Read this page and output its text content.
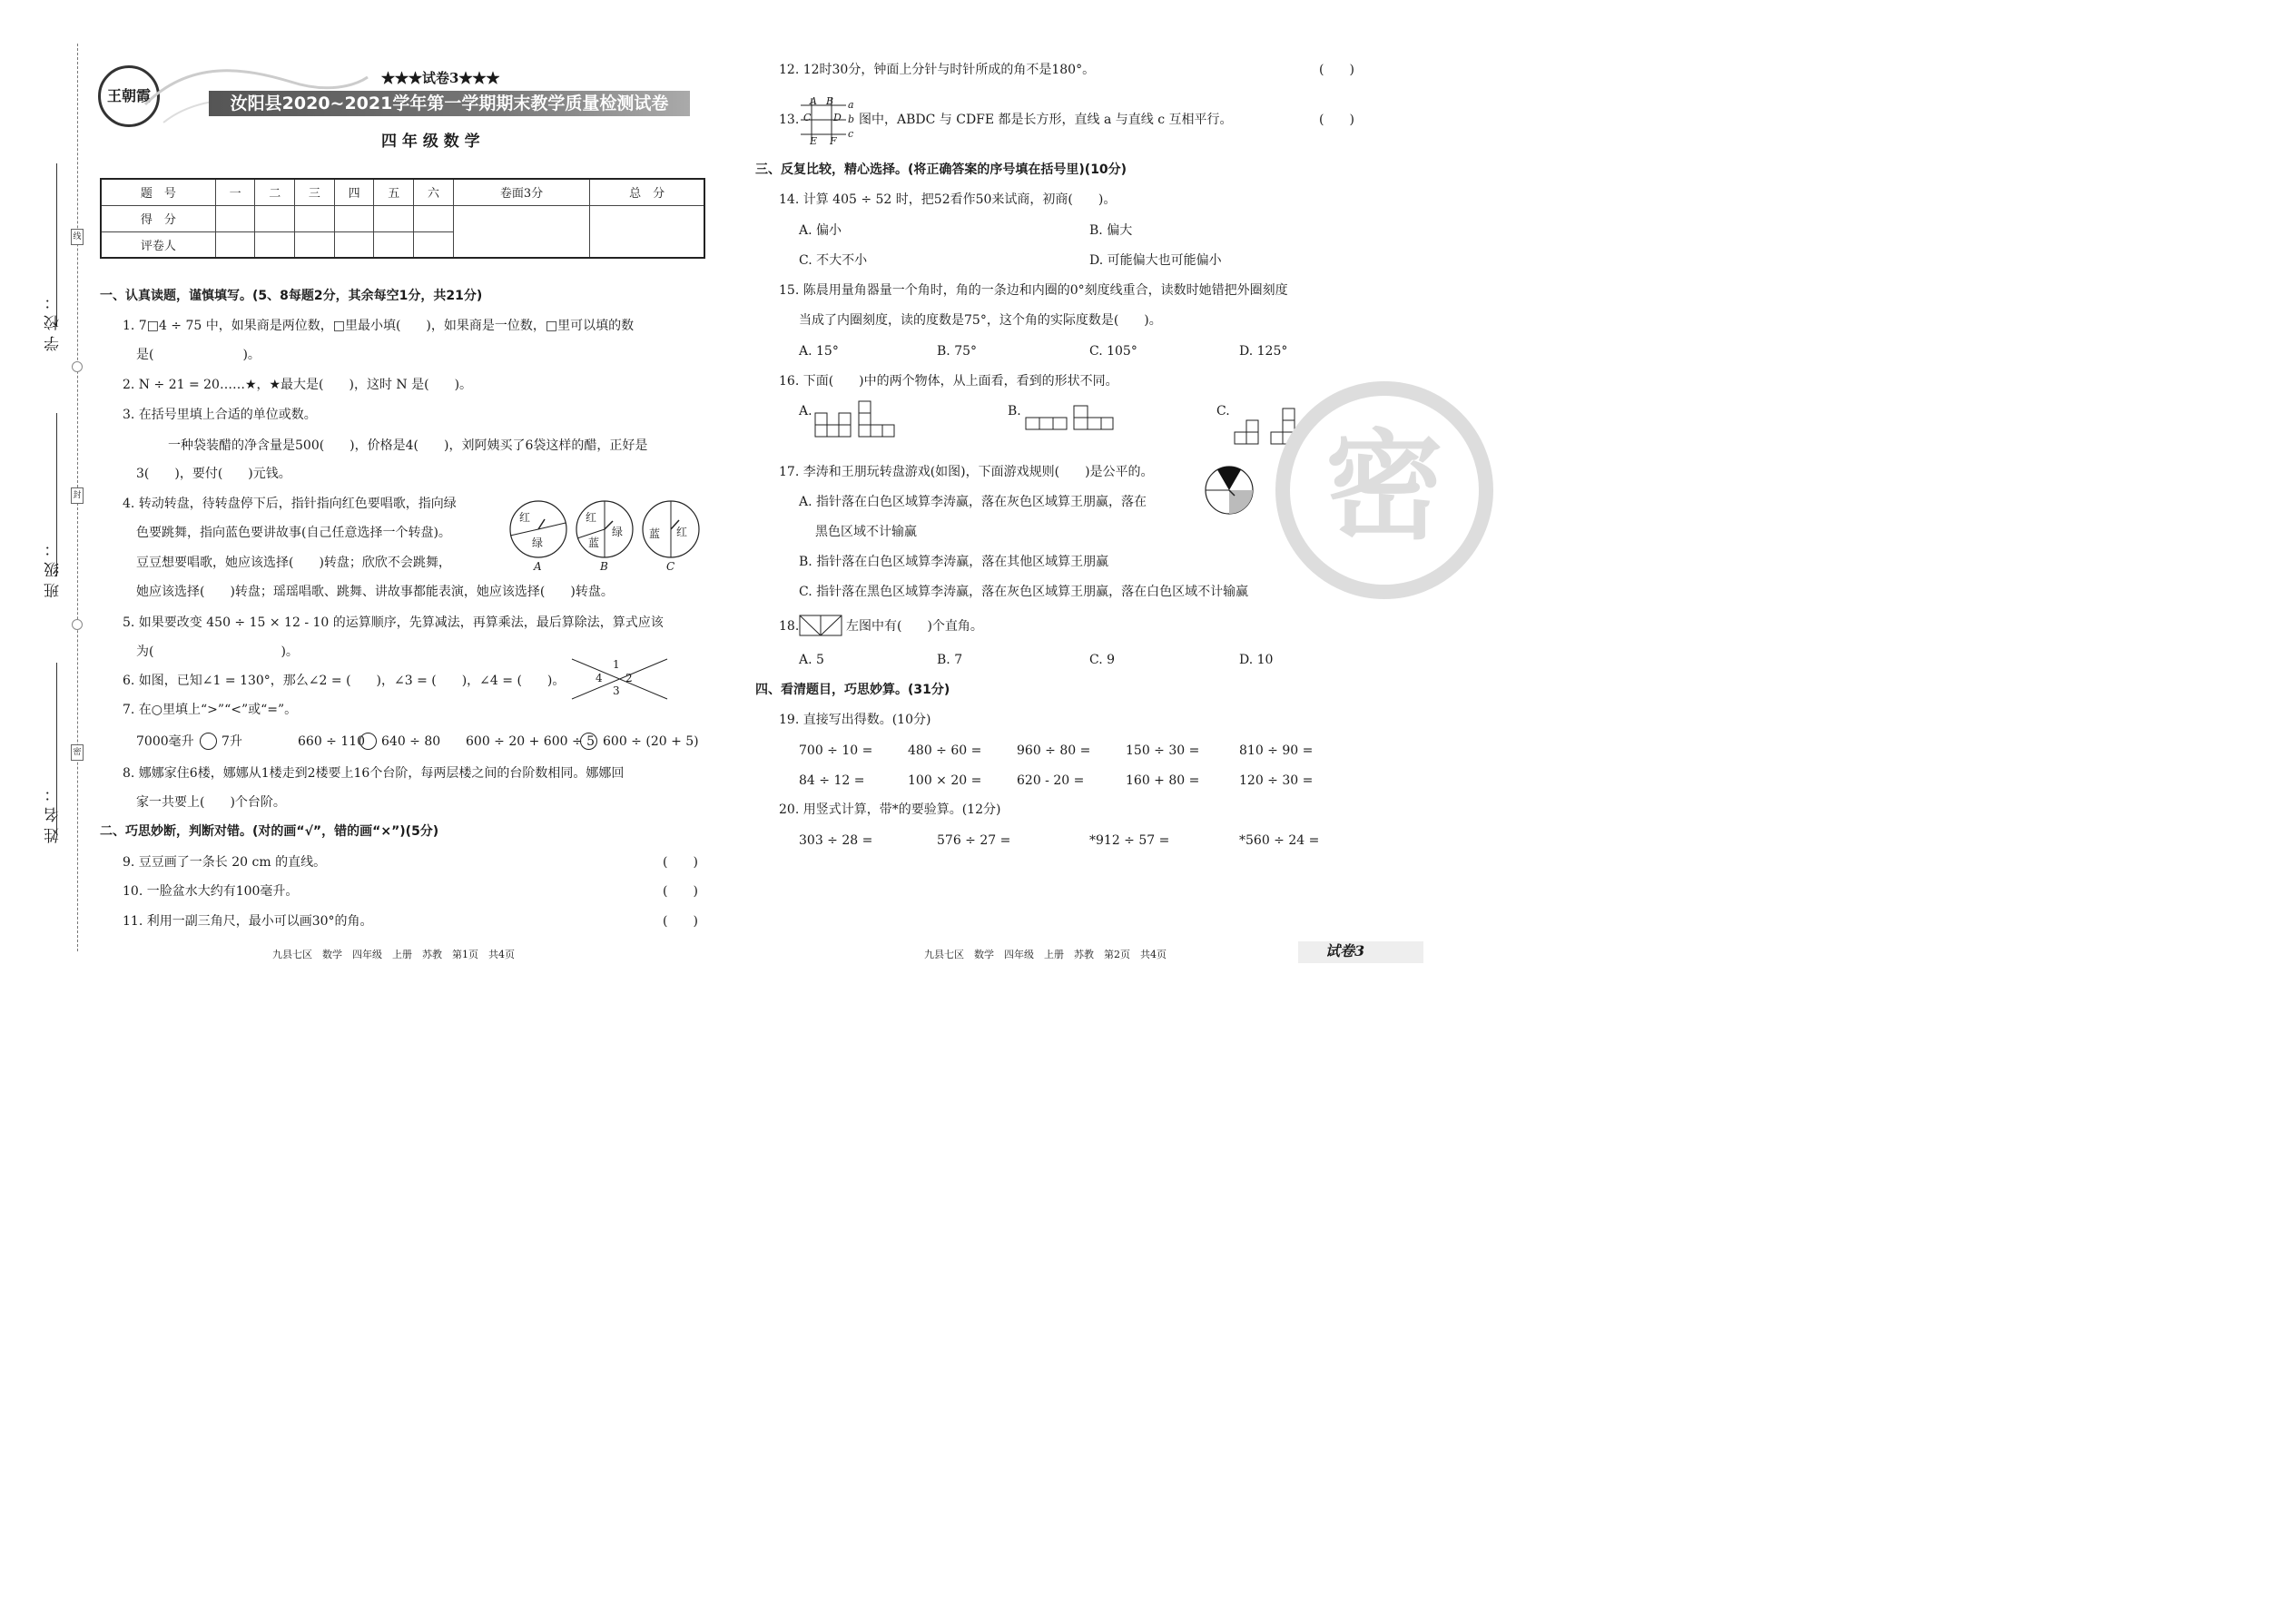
学校：
班级：
姓名：
线
封
密
王朝霞
★★★试卷3★★★
汝阳县2020~2021学年第一学期期末教学质量检测试卷
四 年 级 数 学
题　号	一	二	三	四	五	六	卷面3分	总　分
得　分								
评卷人								
一、认真读题，谨慎填写。(5、8每题2分，其余每空1分，共21分)
1. 7□4 ÷ 75 中，如果商是两位数，□里最小填(　　)，如果商是一位数，□里可以填的数
是(　　　　　　　)。
2. N ÷ 21 = 20……★，★最大是(　　)，这时 N 是(　　)。
3. 在括号里填上合适的单位或数。
一种袋装醋的净含量是500(　　)，价格是4(　　)，刘阿姨买了6袋这样的醋，正好是
3(　　)，要付(　　)元钱。
4. 转动转盘，待转盘停下后，指针指向红色要唱歌，指向绿
色要跳舞，指向蓝色要讲故事(自己任意选择一个转盘)。
豆豆想要唱歌，她应该选择(　　)转盘；欣欣不会跳舞，
她应该选择(　　)转盘；瑶瑶唱歌、跳舞、讲故事都能表演，她应该选择(　　)转盘。
红
绿
A
红
绿
蓝
B
蓝 红
C
5. 如果要改变 450 ÷ 15 × 12 - 10 的运算顺序，先算减法，再算乘法，最后算除法，算式应该
为(　　　　　　　　　　)。
6. 如图，已知∠1 = 130°，那么∠2 = (　　)，∠3 = (　　)，∠4 = (　　)。
1
2
3
4
7. 在○里填上“>”“<”或“=”。
7000毫升 7升	660 ÷ 110 640 ÷ 80 600 ÷ 20 + 600 ÷ 5 600 ÷ (20 + 5)
8. 娜娜家住6楼，娜娜从1楼走到2楼要上16个台阶，每两层楼之间的台阶数相同。娜娜回
家一共要上(　　)个台阶。
二、巧思妙断，判断对错。(对的画“√”，错的画“×”)(5分)
9. 豆豆画了一条长 20 cm 的直线。	(　　)
10. 一脸盆水大约有100毫升。	(　　)
11. 利用一副三角尺，最小可以画30°的角。	(　　)
12. 12时30分，钟面上分针与时针所成的角不是180°。	(　　)
13.
A B
C D
E F
a
b
c
图中，ABDC 与 CDFE 都是长方形，直线 a 与直线 c 互相平行。	(　　)
三、反复比较，精心选择。(将正确答案的序号填在括号里)(10分)
14. 计算 405 ÷ 52 时，把52看作50来试商，初商(　　)。
A. 偏小	B. 偏大
C. 不大不小	D. 可能偏大也可能偏小
15. 陈晨用量角器量一个角时，角的一条边和内圈的0°刻度线重合，读数时她错把外圈刻度
当成了内圈刻度，读的度数是75°，这个角的实际度数是(　　)。
A. 15°	B. 75°	C. 105°	D. 125°
16. 下面(　　)中的两个物体，从上面看，看到的形状不同。
A.	B.	C.
17. 李涛和王朋玩转盘游戏(如图)，下面游戏规则(　　)是公平的。
A. 指针落在白色区域算李涛赢，落在灰色区域算王朋赢，落在
黑色区域不计输赢
B. 指针落在白色区域算李涛赢，落在其他区域算王朋赢
C. 指针落在黑色区域算李涛赢，落在灰色区域算王朋赢，落在白色区域不计输赢
18.	左图中有(　　)个直角。
A. 5	B. 7	C. 9	D. 10
四、看清题目，巧思妙算。(31分)
19. 直接写出得数。(10分)
700 ÷ 10 =	480 ÷ 60 =	960 ÷ 80 =	150 ÷ 30 =	810 ÷ 90 =
84 ÷ 12 =	100 × 20 =	620 - 20 =	160 + 80 =	120 ÷ 30 =
20. 用竖式计算，带*的要验算。(12分)
303 ÷ 28 =	576 ÷ 27 =	*912 ÷ 57 =	*560 ÷ 24 =
密
九县七区　数学　四年级　上册　苏教　第1页　共4页	九县七区　数学　四年级　上册　苏教　第2页　共4页	试卷3
